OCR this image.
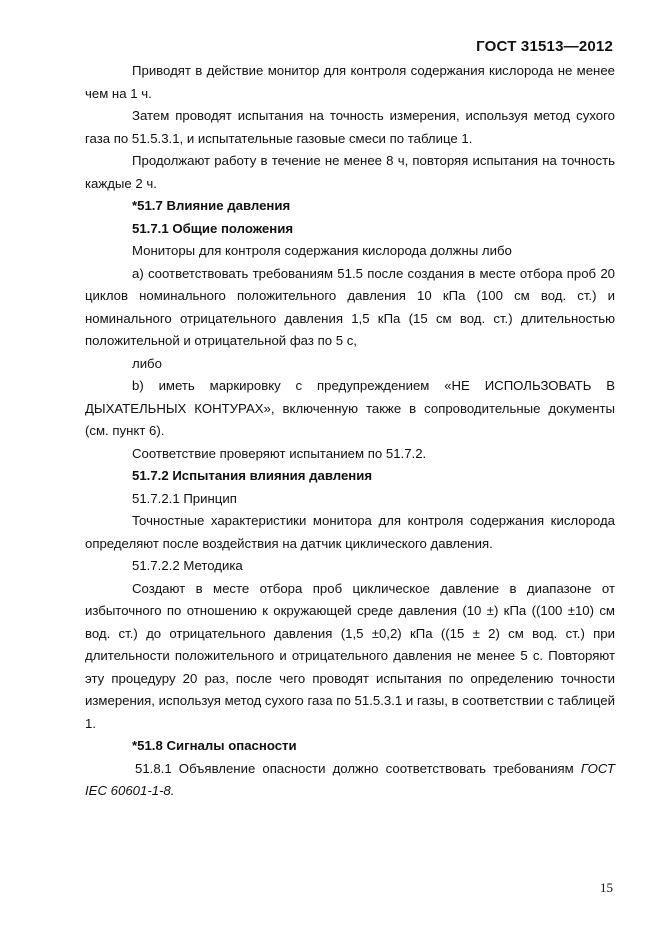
ГОСТ 31513—2012

Приводят в действие монитор для контроля содержания кислорода не менее чем на 1 ч.

Затем проводят испытания на точность измерения, используя метод сухого газа по 51.5.3.1, и испытательные газовые смеси по таблице 1.

Продолжают работу в течение не менее 8 ч, повторяя испытания на точность каждые 2 ч.

*51.7 Влияние давления

51.7.1 Общие положения

Мониторы для контроля содержания кислорода должны либо

a) соответствовать требованиям 51.5 после создания в месте отбора проб 20 циклов номинального положительного давления 10 кПа (100 см вод. ст.) и номинального отрицательного давления 1,5 кПа (15 см вод. ст.) длительностью положительной и отрицательной фаз по 5 с,

либо

b) иметь маркировку с предупреждением «НЕ ИСПОЛЬЗОВАТЬ В ДЫХАТЕЛЬНЫХ КОНТУРАХ», включенную также в сопроводительные документы (см. пункт 6).

Соответствие проверяют испытанием по 51.7.2.

51.7.2 Испытания влияния давления

51.7.2.1 Принцип

Точностные характеристики монитора для контроля содержания кислорода определяют после воздействия на датчик циклического давления.

51.7.2.2 Методика

Создают в месте отбора проб циклическое давление в диапазоне от избыточного по отношению к окружающей среде давления (10 ±) кПа ((100 ±10) см вод. ст.) до отрицательного давления (1,5 ±0,2) кПа ((15 ± 2) см вод. ст.) при длительности положительного и отрицательного давления не менее 5 с. Повторяют эту процедуру 20 раз, после чего проводят испытания по определению точности измерения, используя метод сухого газа по 51.5.3.1 и газы, в соответствии с таблицей 1.

*51.8 Сигналы опасности

51.8.1 Объявление опасности должно соответствовать требованиям ГОСТ IEC 60601-1-8.

15
